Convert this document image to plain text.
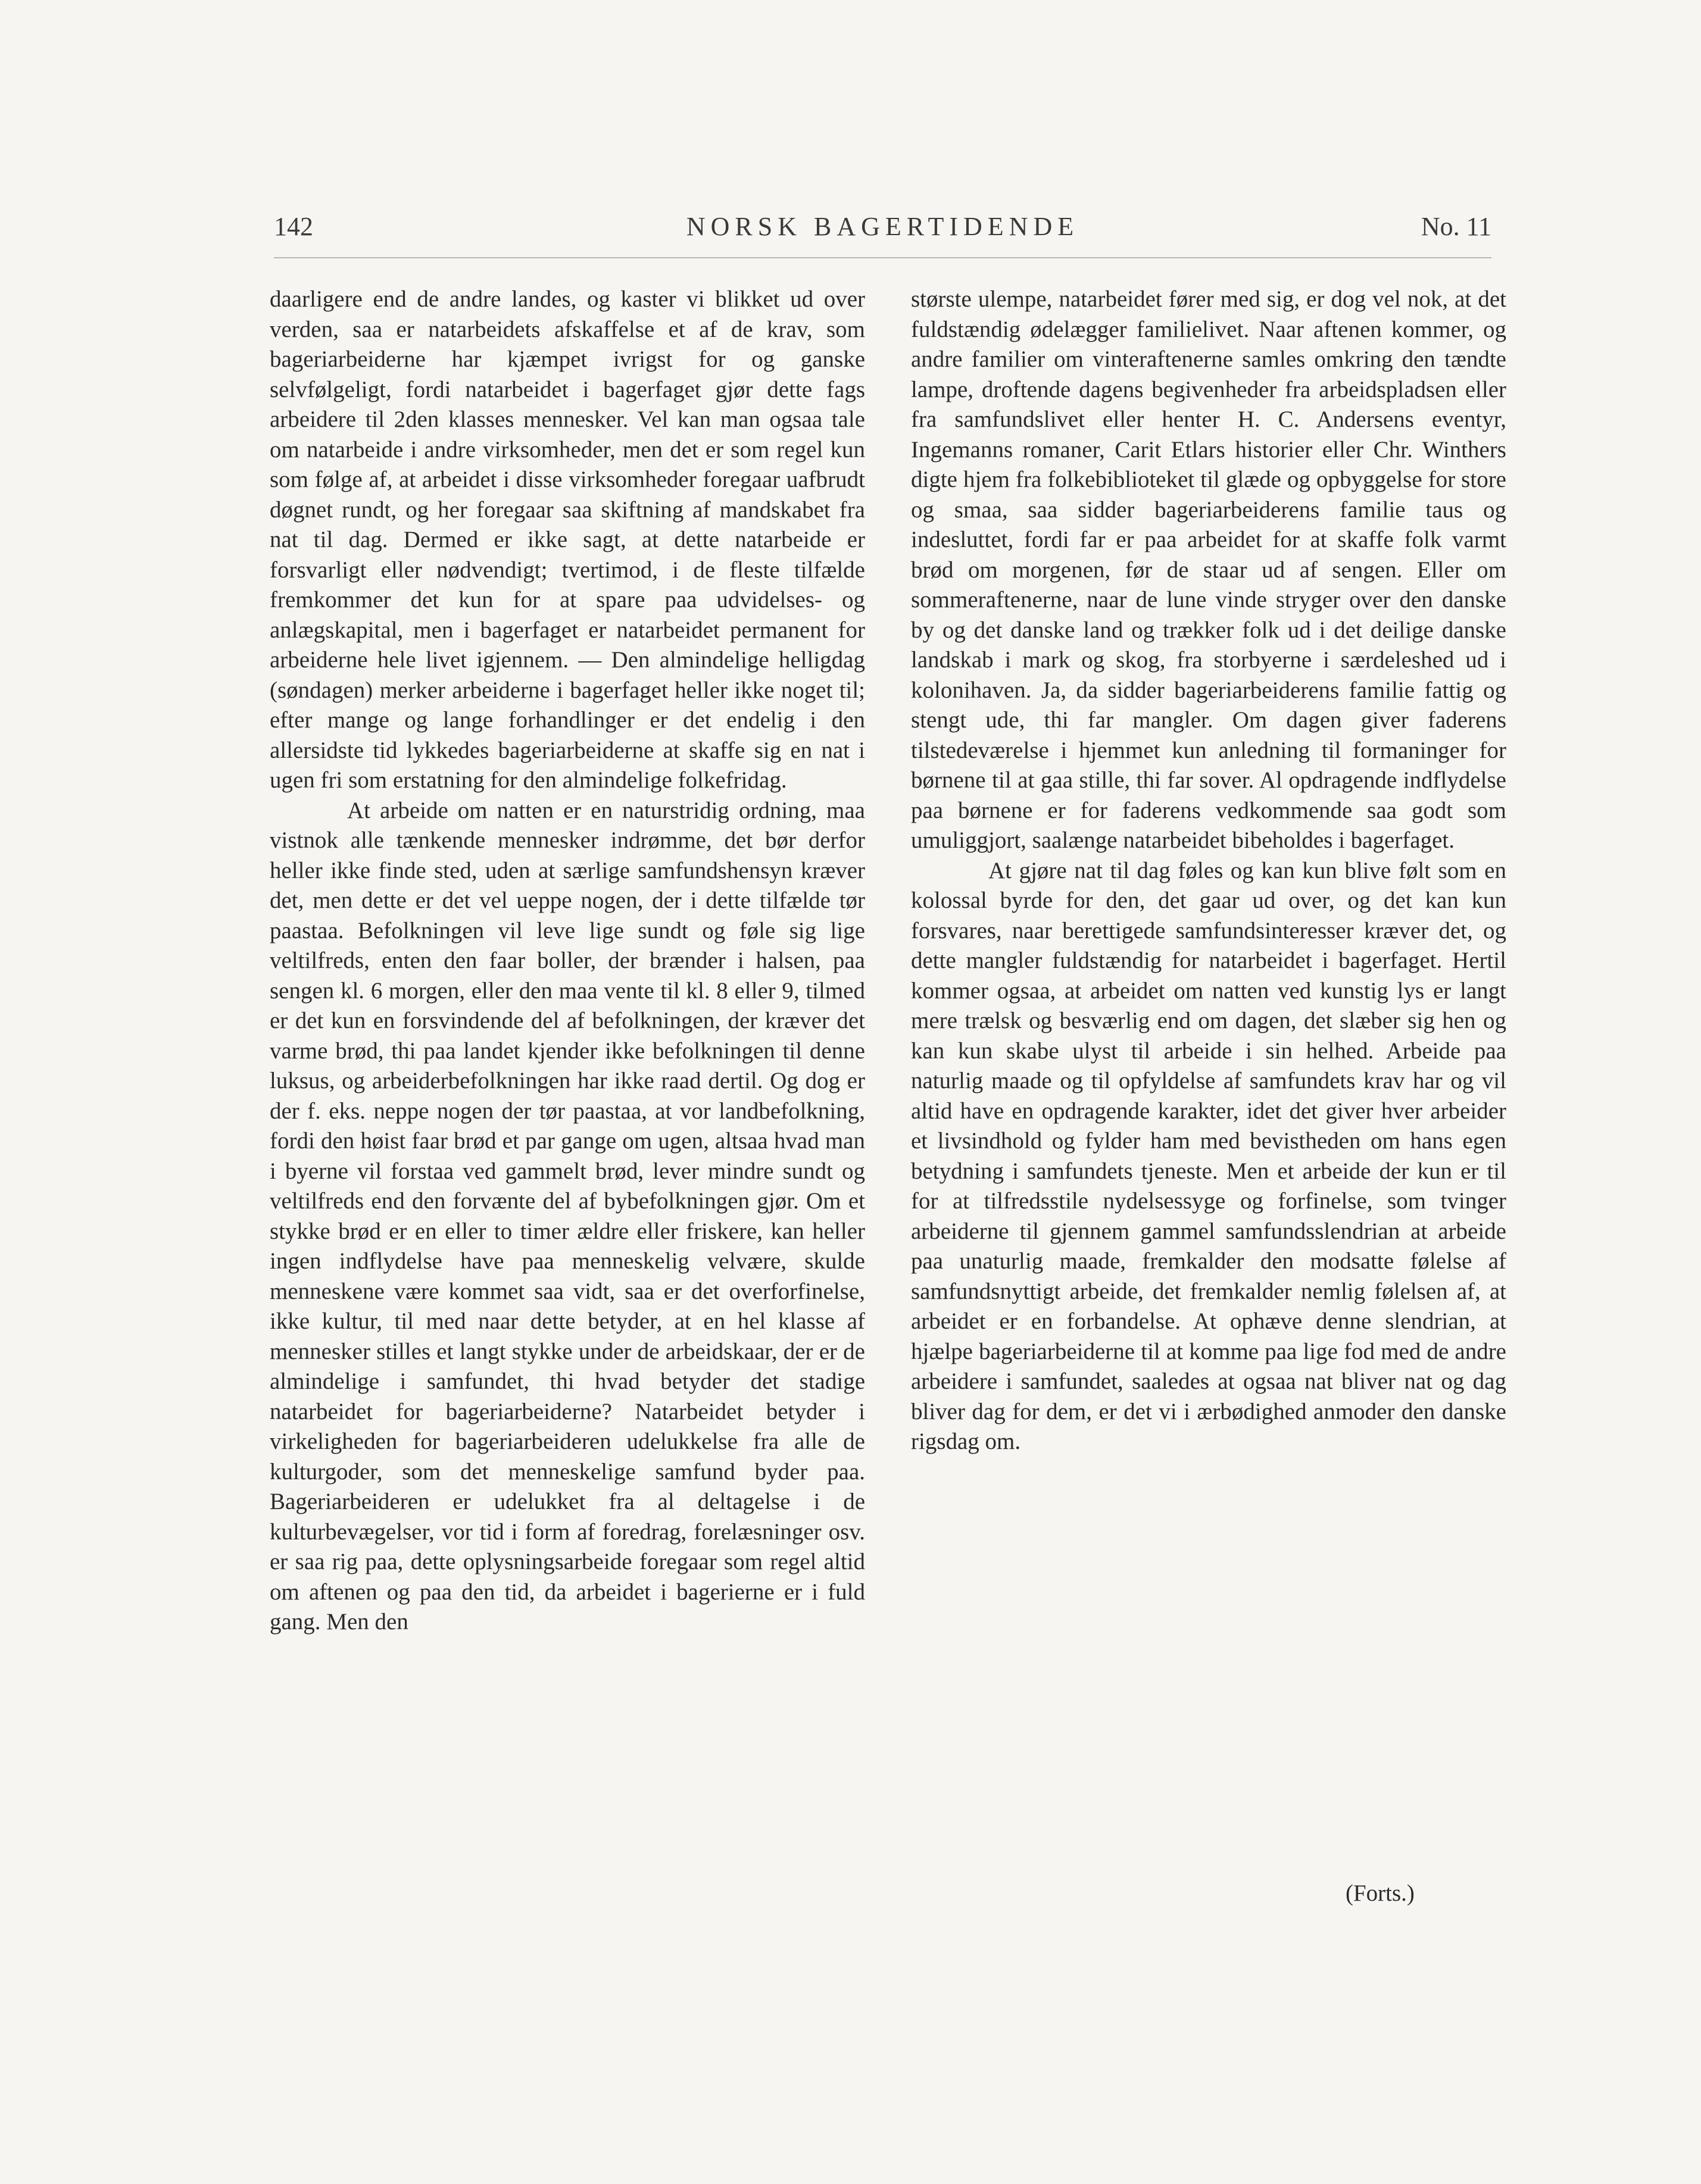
142	NORSK BAGERTIDENDE	No. 11

daarligere end de andre landes, og kaster vi blikket ud over verden, saa er natarbeidets afskaffelse et af de krav, som bageriarbeiderne har kjæmpet ivrigst for og ganske selvfølgeligt, fordi natarbeidet i bagerfaget gjør dette fags arbeidere til 2den klasses mennesker. Vel kan man ogsaa tale om natarbeide i andre virksomheder, men det er som regel kun som følge af, at arbeidet i disse virksomheder foregaar uafbrudt døgnet rundt, og her foregaar saa skiftning af mandskabet fra nat til dag. Dermed er ikke sagt, at dette natarbeide er forsvarligt eller nødvendigt; tvertimod, i de fleste tilfælde fremkommer det kun for at spare paa udvidelses- og anlægskapital, men i bagerfaget er natarbeidet permanent for arbeiderne hele livet igjennem. — Den almindelige helligdag (søndagen) merker arbeiderne i bagerfaget heller ikke noget til; efter mange og lange forhandlinger er det endelig i den allersidste tid lykkedes bageriarbeiderne at skaffe sig en nat i ugen fri som erstatning for den almindelige folkefridag.

At arbeide om natten er en naturstridig ordning, maa vistnok alle tænkende mennesker indrømme, det bør derfor heller ikke finde sted, uden at særlige samfundshensyn kræver det, men dette er det vel ueppe nogen, der i dette tilfælde tør paastaa. Befolkningen vil leve lige sundt og føle sig lige veltilfreds, enten den faar boller, der brænder i halsen, paa sengen kl. 6 morgen, eller den maa vente til kl. 8 eller 9, tilmed er det kun en forsvindende del af befolkningen, der kræver det varme brød, thi paa landet kjender ikke befolkningen til denne luksus, og arbeiderbefolkningen har ikke raad dertil. Og dog er der f. eks. neppe nogen der tør paastaa, at vor landbefolkning, fordi den høist faar brød et par gange om ugen, altsaa hvad man i byerne vil forstaa ved gammelt brød, lever mindre sundt og veltilfreds end den forvænte del af bybefolkningen gjør. Om et stykke brød er en eller to timer ældre eller friskere, kan heller ingen indflydelse have paa menneskelig velvære, skulde menneskene være kommet saa vidt, saa er det overforfinelse, ikke kultur, til med naar dette betyder, at en hel klasse af mennesker stilles et langt stykke under de arbeidskaar, der er de almindelige i samfundet, thi hvad betyder det stadige natarbeidet for bageriarbeiderne? Natarbeidet betyder i virkeligheden for bageriarbeideren udelukkelse fra alle de kulturgoder, som det menneskelige samfund byder paa. Bageriarbeideren er udelukket fra al deltagelse i de kulturbevægelser, vor tid i form af foredrag, forelæsninger osv. er saa rig paa, dette oplysningsarbeide foregaar som regel altid om aftenen og paa den tid, da arbeidet i bagerierne er i fuld gang. Men den

største ulempe, natarbeidet fører med sig, er dog vel nok, at det fuldstændig ødelægger familielivet. Naar aftenen kommer, og andre familier om vinteraftenerne samles omkring den tændte lampe, droftende dagens begivenheder fra arbeidspladsen eller fra samfundslivet eller henter H. C. Andersens eventyr, Ingemanns romaner, Carit Etlars historier eller Chr. Winthers digte hjem fra folkebiblioteket til glæde og opbyggelse for store og smaa, saa sidder bageriarbeiderens familie taus og indesluttet, fordi far er paa arbeidet for at skaffe folk varmt brød om morgenen, før de staar ud af sengen. Eller om sommeraftenerne, naar de lune vinde stryger over den danske by og det danske land og trækker folk ud i det deilige danske landskab i mark og skog, fra storbyerne i særdeleshed ud i kolonihaven. Ja, da sidder bageriarbeiderens familie fattig og stengt ude, thi far mangler. Om dagen giver faderens tilstedeværelse i hjemmet kun anledning til formaninger for børnene til at gaa stille, thi far sover. Al opdragende indflydelse paa børnene er for faderens vedkommende saa godt som umuliggjort, saalænge natarbeidet bibeholdes i bagerfaget.

At gjøre nat til dag føles og kan kun blive følt som en kolossal byrde for den, det gaar ud over, og det kan kun forsvares, naar berettigede samfundsinteresser kræver det, og dette mangler fuldstændig for natarbeidet i bagerfaget. Hertil kommer ogsaa, at arbeidet om natten ved kunstig lys er langt mere trælsk og besværlig end om dagen, det slæber sig hen og kan kun skabe ulyst til arbeide i sin helhed. Arbeide paa naturlig maade og til opfyldelse af samfundets krav har og vil altid have en opdragende karakter, idet det giver hver arbeider et livsindhold og fylder ham med bevistheden om hans egen betydning i samfundets tjeneste. Men et arbeide der kun er til for at tilfredsstile nydelsessyge og forfinelse, som tvinger arbeiderne til gjennem gammel samfundsslendrian at arbeide paa unaturlig maade, fremkalder den modsatte følelse af samfundsnyttigt arbeide, det fremkalder nemlig følelsen af, at arbeidet er en forbandelse. At ophæve denne slendrian, at hjælpe bageriarbeiderne til at komme paa lige fod med de andre arbeidere i samfundet, saaledes at ogsaa nat bliver nat og dag bliver dag for dem, er det vi i ærbødighed anmoder den danske rigsdag om.

(Forts.)
